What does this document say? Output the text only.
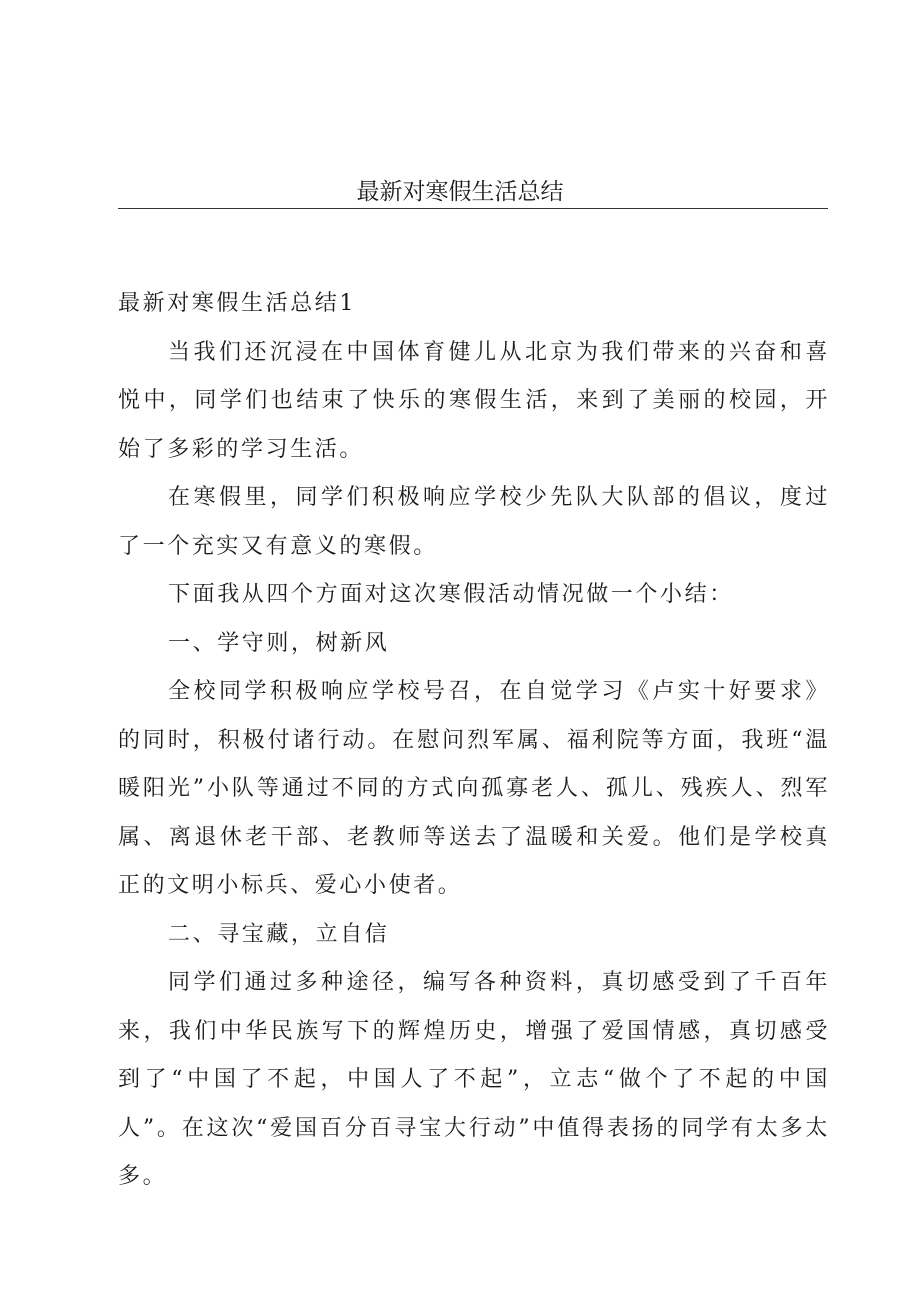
最新对寒假生活总结

最新对寒假生活总结1

当我们还沉浸在中国体育健儿从北京为我们带来的兴奋和喜悦中，同学们也结束了快乐的寒假生活，来到了美丽的校园，开始了多彩的学习生活。

在寒假里，同学们积极响应学校少先队大队部的倡议，度过了一个充实又有意义的寒假。

下面我从四个方面对这次寒假活动情况做一个小结：

一、学守则，树新风

全校同学积极响应学校号召，在自觉学习《卢实十好要求》的同时，积极付诸行动。在慰问烈军属、福利院等方面，我班“温暖阳光”小队等通过不同的方式向孤寡老人、孤儿、残疾人、烈军属、离退休老干部、老教师等送去了温暖和关爱。他们是学校真正的文明小标兵、爱心小使者。

二、寻宝藏，立自信

同学们通过多种途径，编写各种资料，真切感受到了千百年来，我们中华民族写下的辉煌历史，增强了爱国情感，真切感受到了“中国了不起，中国人了不起”，立志“做个了不起的中国人”。在这次“爱国百分百寻宝大行动”中值得表扬的同学有太多太多。
